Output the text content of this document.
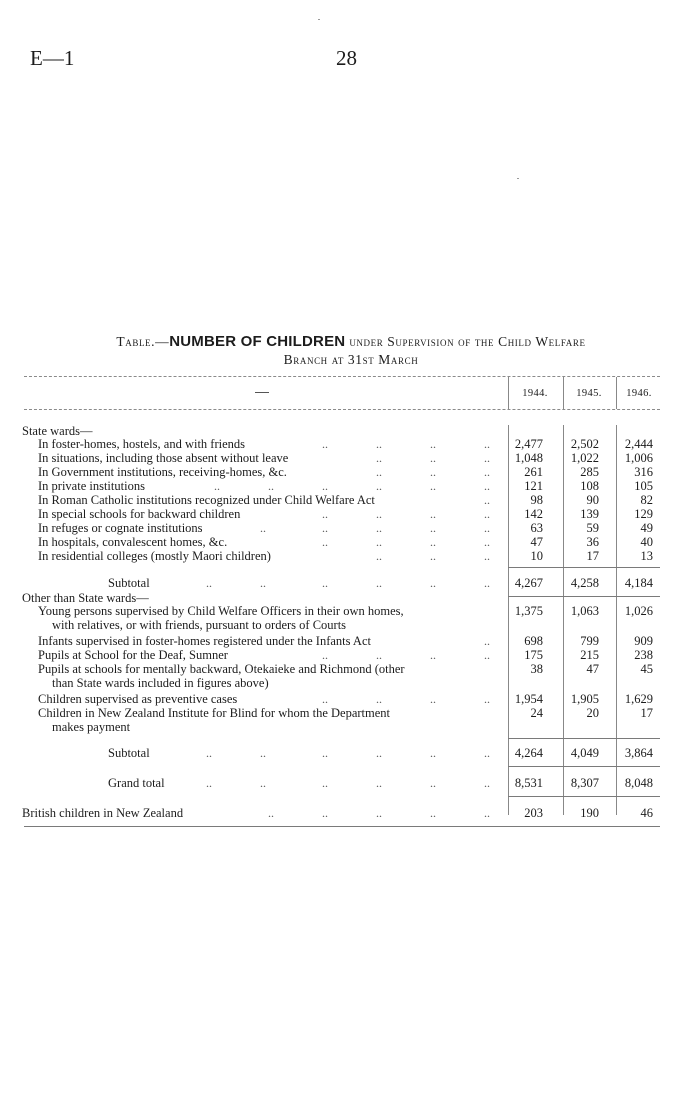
E—1	28
Table.—NUMBER OF CHILDREN under Supervision of the Child Welfare
Branch at 31st March
1944.	1945.	1946.
State wards—
In foster-homes, hostels, and with friends	2,477	2,502	2,444
..	..	..	..
In situations, including those absent without leave	1,048	1,022	1,006
..	..	..
In Government institutions, receiving-homes, &c.	261	285	316
..	..	..
In private institutions	121	108	105
..	..	..	..	..	..
In Roman Catholic institutions recognized under Child Welfare Act	98	90	82
..
In special schools for backward children	142	139	129
..	..	..	..
In refuges or cognate institutions	63	59	49
..	..	..	..	..
In hospitals, convalescent homes, &c.	47	36	40
..	..	..	..
In residential colleges (mostly Maori children)	10	17	13
..	..	..
Subtotal	4,267	4,258	4,184
..	..	..	..	..	..
Other than State wards—
Young persons supervised by Child Welfare Officers in their own homes,	1,375	1,063	1,026
with relatives, or with friends, pursuant to orders of Courts
Infants supervised in foster-homes registered under the Infants Act	698	799	909
..
Pupils at School for the Deaf, Sumner	175	215	238
..	..	..	..
Pupils at schools for mentally backward, Otekaieke and Richmond (other	38	47	45
than State wards included in figures above)
Children supervised as preventive cases	1,954	1,905	1,629
..	..	..	..
Children in New Zealand Institute for Blind for whom the Department	24	20	17
makes payment
Subtotal	4,264	4,049	3,864
..	..	..	..	..	..
Grand total	8,531	8,307	8,048
..	..	..	..	..	..
British children in New Zealand	203	190	46
..	..	..	..	..
